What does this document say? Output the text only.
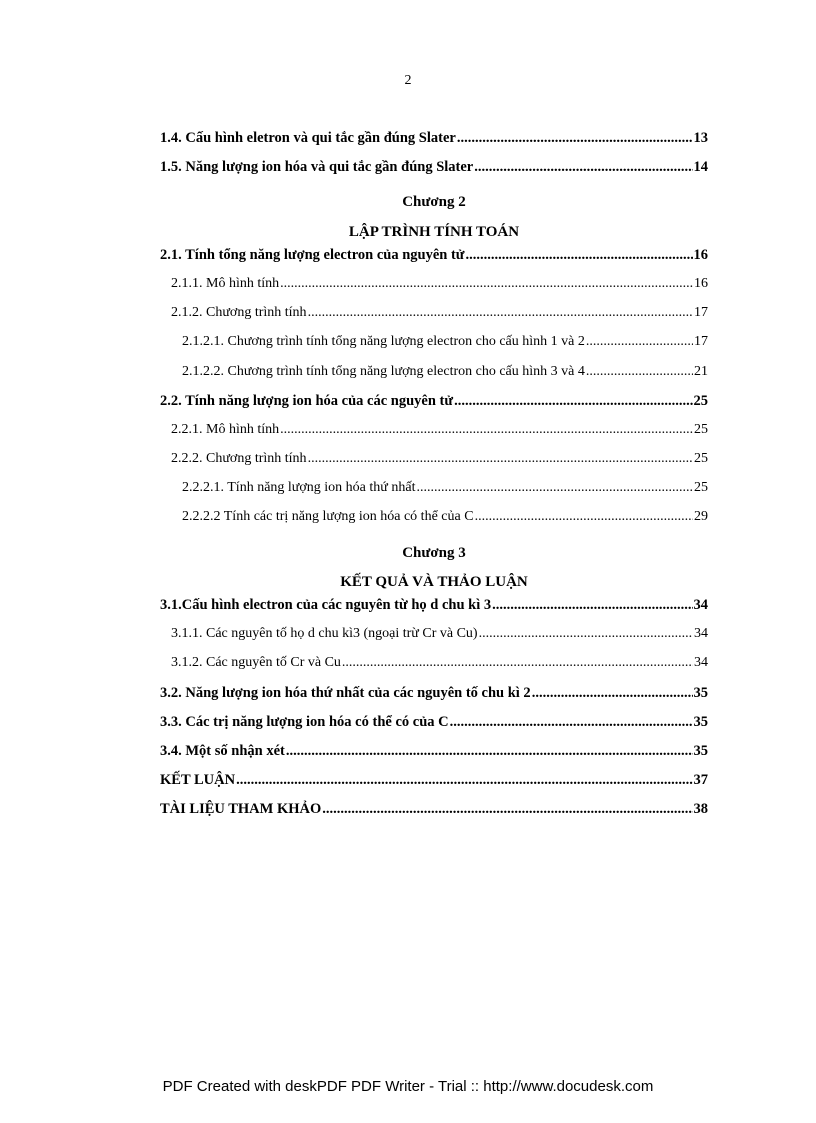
2
1.4. Cấu hình eletron và qui tắc gần đúng Slater .....	13
1.5. Năng lượng ion hóa và qui tắc gần đúng Slater .....	14
Chương 2
LẬP TRÌNH TÍNH TOÁN
2.1. Tính tổng năng lượng electron của nguyên tử .....	16
2.1.1. Mô hình tính .....	16
2.1.2. Chương trình tính .....	17
2.1.2.1. Chương trình tính tổng năng lượng electron cho cấu hình 1 và 2 .....	17
2.1.2.2. Chương trình tính tổng năng lượng electron cho cấu hình 3 và 4 .....	21
2.2. Tính năng lượng ion hóa của các nguyên tử .....	25
2.2.1. Mô hình tính .....	25
2.2.2. Chương trình tính .....	25
2.2.2.1. Tính năng lượng ion hóa thứ nhất .....	25
2.2.2.2 Tính các trị năng lượng ion hóa có thể của C .....	29
Chương 3
KẾT QUẢ VÀ THẢO LUẬN
3.1.Cấu hình electron của các nguyên từ họ d chu kì 3 .....	34
3.1.1. Các nguyên tố họ d chu kì3 (ngoại trừ Cr và Cu) .....	34
3.1.2. Các nguyên tố Cr và Cu .....	34
3.2. Năng lượng ion hóa thứ nhất của các nguyên tố chu kì 2 .....	35
3.3. Các trị năng lượng ion hóa có thể có của C .....	35
3.4. Một số nhận xét .....	35
KẾT LUẬN .....	37
TÀI LIỆU THAM KHẢO .....	38
PDF Created with deskPDF PDF Writer - Trial :: http://www.docudesk.com
